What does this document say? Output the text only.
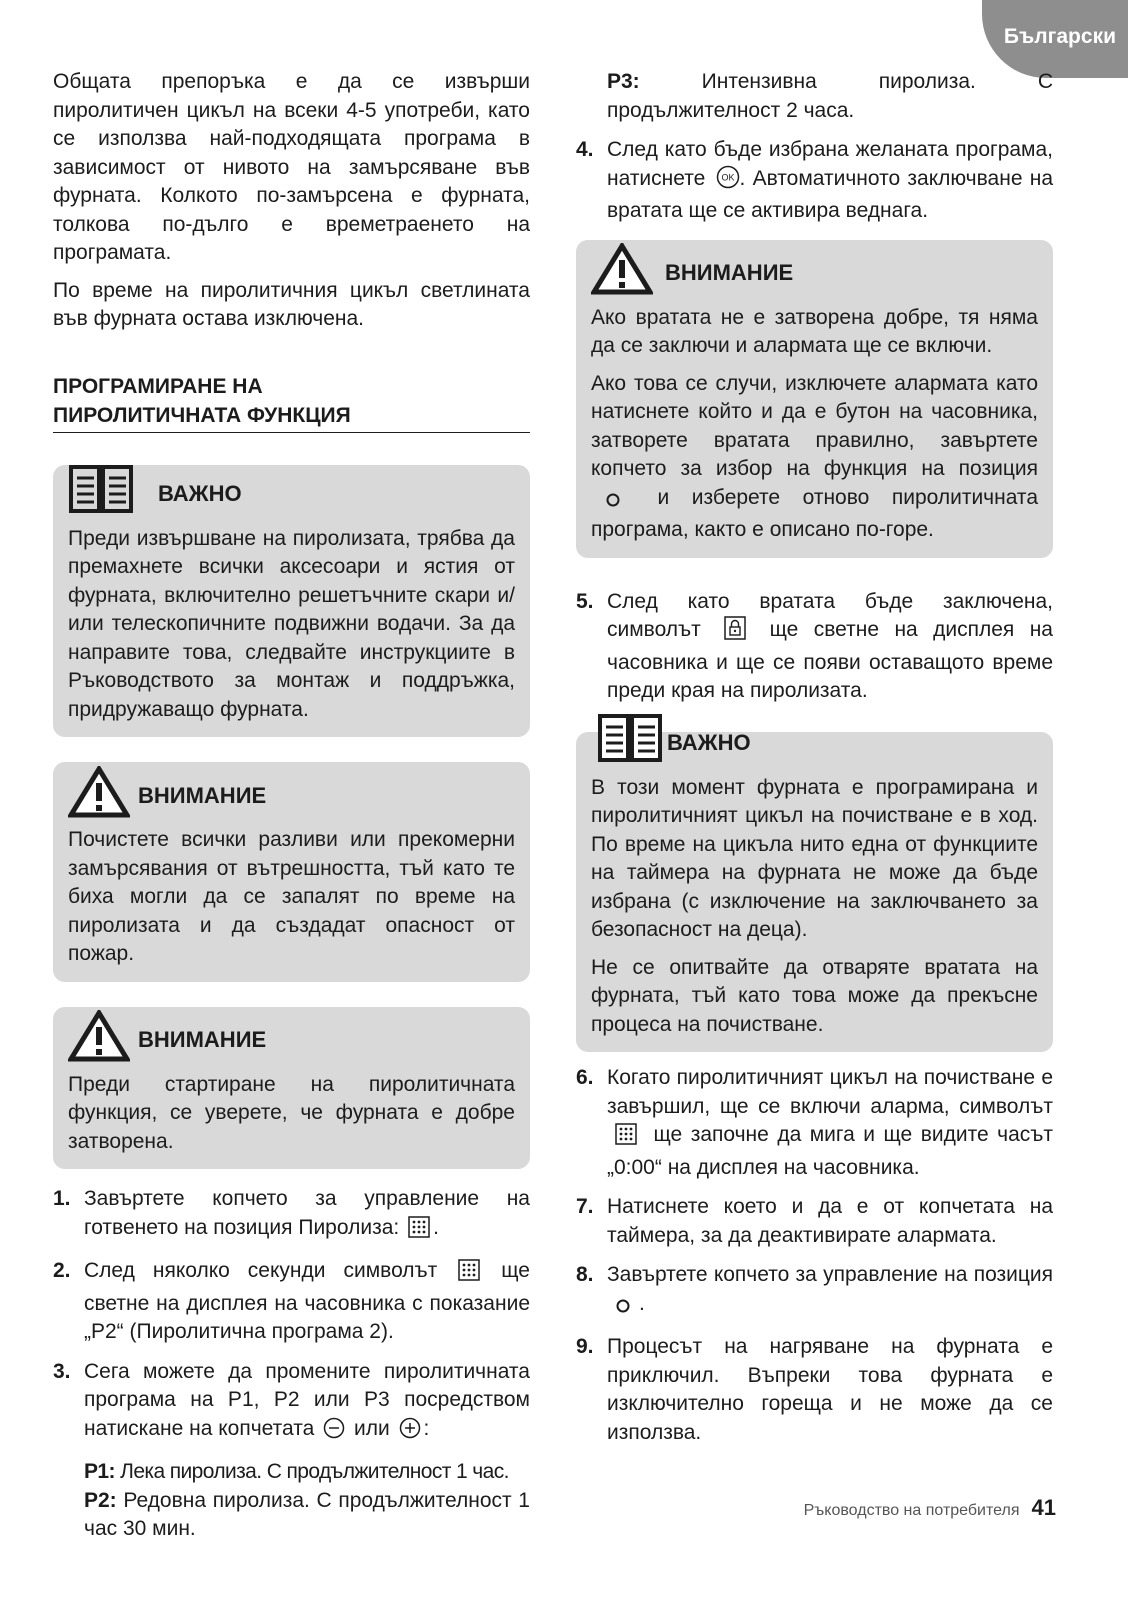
Български

Общата препоръка е да се извърши пиролитичен цикъл на всеки 4-5 употреби, като се използва най-подходящата програма в зависимост от нивото на замърсяване във фурната. Колкото по-замърсена е фурната, толкова по-дълго е времетраенето на програмата.

По време на пиролитичния цикъл светлината във фурната остава изключена.

ПРОГРАМИРАНЕ НА
ПИРОЛИТИЧНАТА ФУНКЦИЯ
ВАЖНО

Преди извършване на пиролизата, трябва да премахнете всички аксесоари и ястия от фурната, включително решетъчните скари и/или телескопичните подвижни водачи. За да направите това, следвайте инструкциите в Ръководството за монтаж и поддръжка, придружаващо фурната.

ВНИМАНИЕ

Почистете всички разливи или прекомерни замърсявания от вътрешността, тъй като те биха могли да се запалят по време на пиролизата и да създадат опасност от пожар.

ВНИМАНИЕ

Преди стартиране на пиролитичната функция, се уверете, че фурната е добре затворена.

1. Завъртете копчето за управление на готвенето на позиция Пиролиза: .
2. След няколко секунди символът	ще светне на дисплея на часовника с показание „P2“ (Пиролитична програма 2).
3. Сега можете да промените пиролитичната програма на P1, P2 или P3 посредством натискане на копчетата или :
P1: Лека пиролиза. С продължителност 1 час.
P2: Редовна пиролиза. С продължителност 1 час 30 мин.
P3:	Интензивна пиролиза. С продължителност 2 часа.
4. След като бъде избрана желаната програма, натиснете OK . Автоматичното заключване на вратата ще се активира веднага.
ВНИМАНИЕ

Ако вратата не е затворена добре, тя няма да се заключи и алармата ще се включи.

Ако това се случи, изключете алармата като натиснете който и да е бутон на часовника, затворете вратата правилно, завъртете копчето за избор на функция на позиция  и изберете отново пиролитичната програма, както е описано по-горе.

5. След като вратата бъде заключена, символът	ще светне на дисплея на часовника и ще се появи оставащото време преди края на пиролизата.
ВАЖНО

В този момент фурната е програмирана и пиролитичният цикъл на почистване е в ход. По време на цикъла нито една от функциите на таймера на фурната не може да бъде избрана (с изключение на заключването за безопасност на деца).

Не се опитвайте да отваряте вратата на фурната, тъй като това може да прекъсне процеса на почистване.

6. Когато пиролитичният цикъл на почистване е завършил, ще се включи аларма, символът  ще започне да мига и ще видите часът „0:00“ на дисплея на часовника.
7. Натиснете което и да е от копчетата на таймера, за да деактивирате алармата.
8. Завъртете копчето за управление на позиция .
9. Процесът на нагряване на фурната е приключил. Въпреки това фурната е изключително гореща и не може да се използва.
Ръководство на потребителя 41
